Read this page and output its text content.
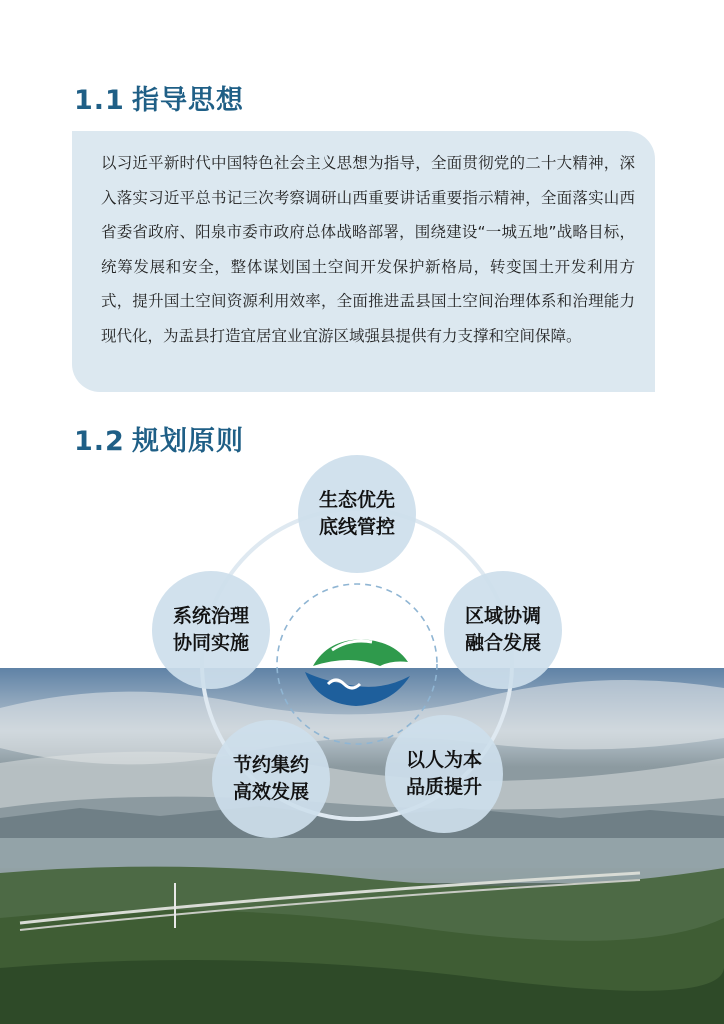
1.1 指导思想

以习近平新时代中国特色社会主义思想为指导，全面贯彻党的二十大精神，深入落实习近平总书记三次考察调研山西重要讲话重要指示精神，全面落实山西省委省政府、阳泉市委市政府总体战略部署，围绕建设“一城五地”战略目标，统筹发展和安全，整体谋划国土空间开发保护新格局，转变国土开发利用方式，提升国土空间资源利用效率，全面推进盂县国土空间治理体系和治理能力现代化，为盂县打造宜居宜业宜游区域强县提供有力支撑和空间保障。

1.2 规划原则
生态优先
底线管控
区域协调
融合发展
以人为本
品质提升
节约集约
高效发展
系统治理
协同实施
